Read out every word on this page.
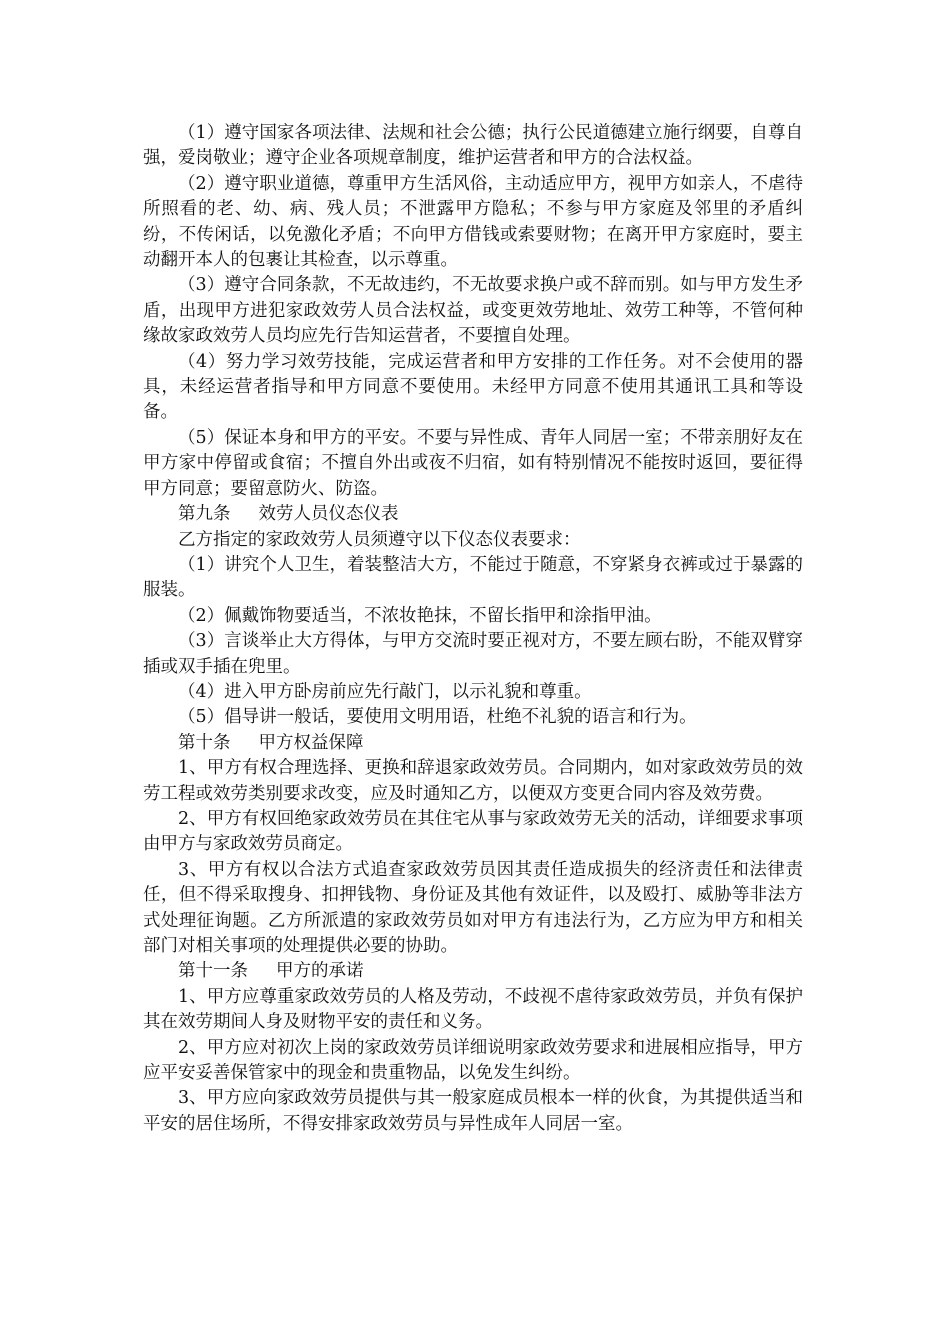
（1）遵守国家各项法律、法规和社会公德；执行公民道德建立施行纲要，自尊自强，爱岗敬业；遵守企业各项规章制度，维护运营者和甲方的合法权益。

（2）遵守职业道德，尊重甲方生活风俗，主动适应甲方，视甲方如亲人，不虐待所照看的老、幼、病、残人员；不泄露甲方隐私；不参与甲方家庭及邻里的矛盾纠纷，不传闲话，以免激化矛盾；不向甲方借钱或索要财物；在离开甲方家庭时，要主动翻开本人的包裹让其检查，以示尊重。

（3）遵守合同条款，不无故违约，不无故要求换户或不辞而别。如与甲方发生矛盾，出现甲方进犯家政效劳人员合法权益，或变更效劳地址、效劳工种等，不管何种缘故家政效劳人员均应先行告知运营者，不要擅自处理。

（4）努力学习效劳技能，完成运营者和甲方安排的工作任务。对不会使用的器具，未经运营者指导和甲方同意不要使用。未经甲方同意不使用其通讯工具和等设备。

（5）保证本身和甲方的平安。不要与异性成、青年人同居一室；不带亲朋好友在甲方家中停留或食宿；不擅自外出或夜不归宿，如有特别情况不能按时返回，要征得甲方同意；要留意防火、防盗。

第九条 效劳人员仪态仪表

乙方指定的家政效劳人员须遵守以下仪态仪表要求：

（1）讲究个人卫生，着装整洁大方，不能过于随意，不穿紧身衣裤或过于暴露的服装。

（2）佩戴饰物要适当，不浓妆艳抹，不留长指甲和涂指甲油。

（3）言谈举止大方得体，与甲方交流时要正视对方，不要左顾右盼，不能双臂穿插或双手插在兜里。

（4）进入甲方卧房前应先行敲门，以示礼貌和尊重。

（5）倡导讲一般话，要使用文明用语，杜绝不礼貌的语言和行为。

第十条 甲方权益保障

1、甲方有权合理选择、更换和辞退家政效劳员。合同期内，如对家政效劳员的效劳工程或效劳类别要求改变，应及时通知乙方，以便双方变更合同内容及效劳费。

2、甲方有权回绝家政效劳员在其住宅从事与家政效劳无关的活动，详细要求事项由甲方与家政效劳员商定。

3、甲方有权以合法方式追查家政效劳员因其责任造成损失的经济责任和法律责任，但不得采取搜身、扣押钱物、身份证及其他有效证件，以及殴打、威胁等非法方式处理征询题。乙方所派遣的家政效劳员如对甲方有违法行为，乙方应为甲方和相关部门对相关事项的处理提供必要的协助。

第十一条 甲方的承诺

1、甲方应尊重家政效劳员的人格及劳动，不歧视不虐待家政效劳员，并负有保护其在效劳期间人身及财物平安的责任和义务。

2、甲方应对初次上岗的家政效劳员详细说明家政效劳要求和进展相应指导，甲方应平安妥善保管家中的现金和贵重物品，以免发生纠纷。

3、甲方应向家政效劳员提供与其一般家庭成员根本一样的伙食，为其提供适当和平安的居住场所，不得安排家政效劳员与异性成年人同居一室。
